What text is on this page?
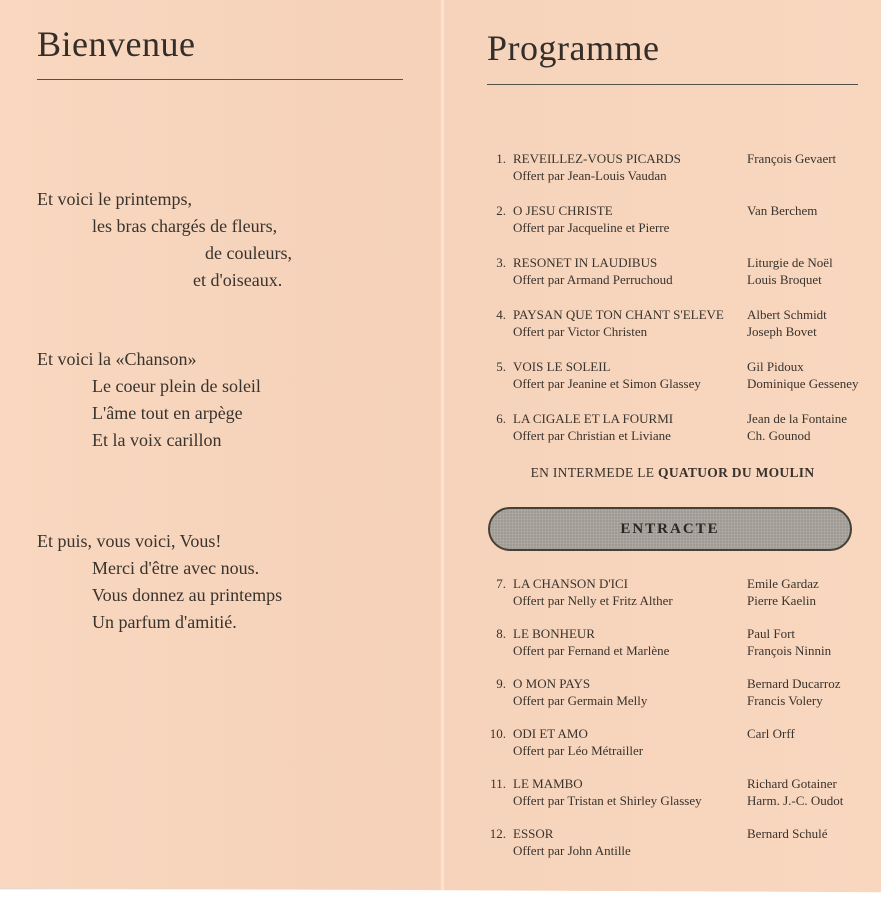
Bienvenue
Et voici le printemps,
les bras chargés de fleurs,
de couleurs,
et d'oiseaux.
Et voici la «Chanson»
Le coeur plein de soleil
L'âme tout en arpège
Et la voix carillon
Et puis, vous voici, Vous!
Merci d'être avec nous.
Vous donnez au printemps
Un parfum d'amitié.
Programme
1. REVEILLEZ-VOUS PICARDS
Offert par Jean-Louis Vaudan
François Gevaert
2. O JESU CHRISTE
Offert par Jacqueline et Pierre
Van Berchem
3. RESONET IN LAUDIBUS
Offert par Armand Perruchoud
Liturgie de Noël
Louis Broquet
4. PAYSAN QUE TON CHANT S'ELEVE
Offert par Victor Christen
Albert Schmidt
Joseph Bovet
5. VOIS LE SOLEIL
Offert par Jeanine et Simon Glassey
Gil Pidoux
Dominique Gesseney
6. LA CIGALE ET LA FOURMI
Offert par Christian et Liviane
Jean de la Fontaine
Ch. Gounod
EN INTERMEDE LE QUATUOR DU MOULIN
ENTRACTE
7. LA CHANSON D'ICI
Offert par Nelly et Fritz Alther
Emile Gardaz
Pierre Kaelin
8. LE BONHEUR
Offert par Fernand et Marlène
Paul Fort
François Ninnin
9. O MON PAYS
Offert par Germain Melly
Bernard Ducarroz
Francis Volery
10. ODI ET AMO
Offert par Léo Métrailler
Carl Orff
11. LE MAMBO
Offert par Tristan et Shirley Glassey
Richard Gotainer
Harm. J.-C. Oudot
12. ESSOR
Offert par John Antille
Bernard Schulé
